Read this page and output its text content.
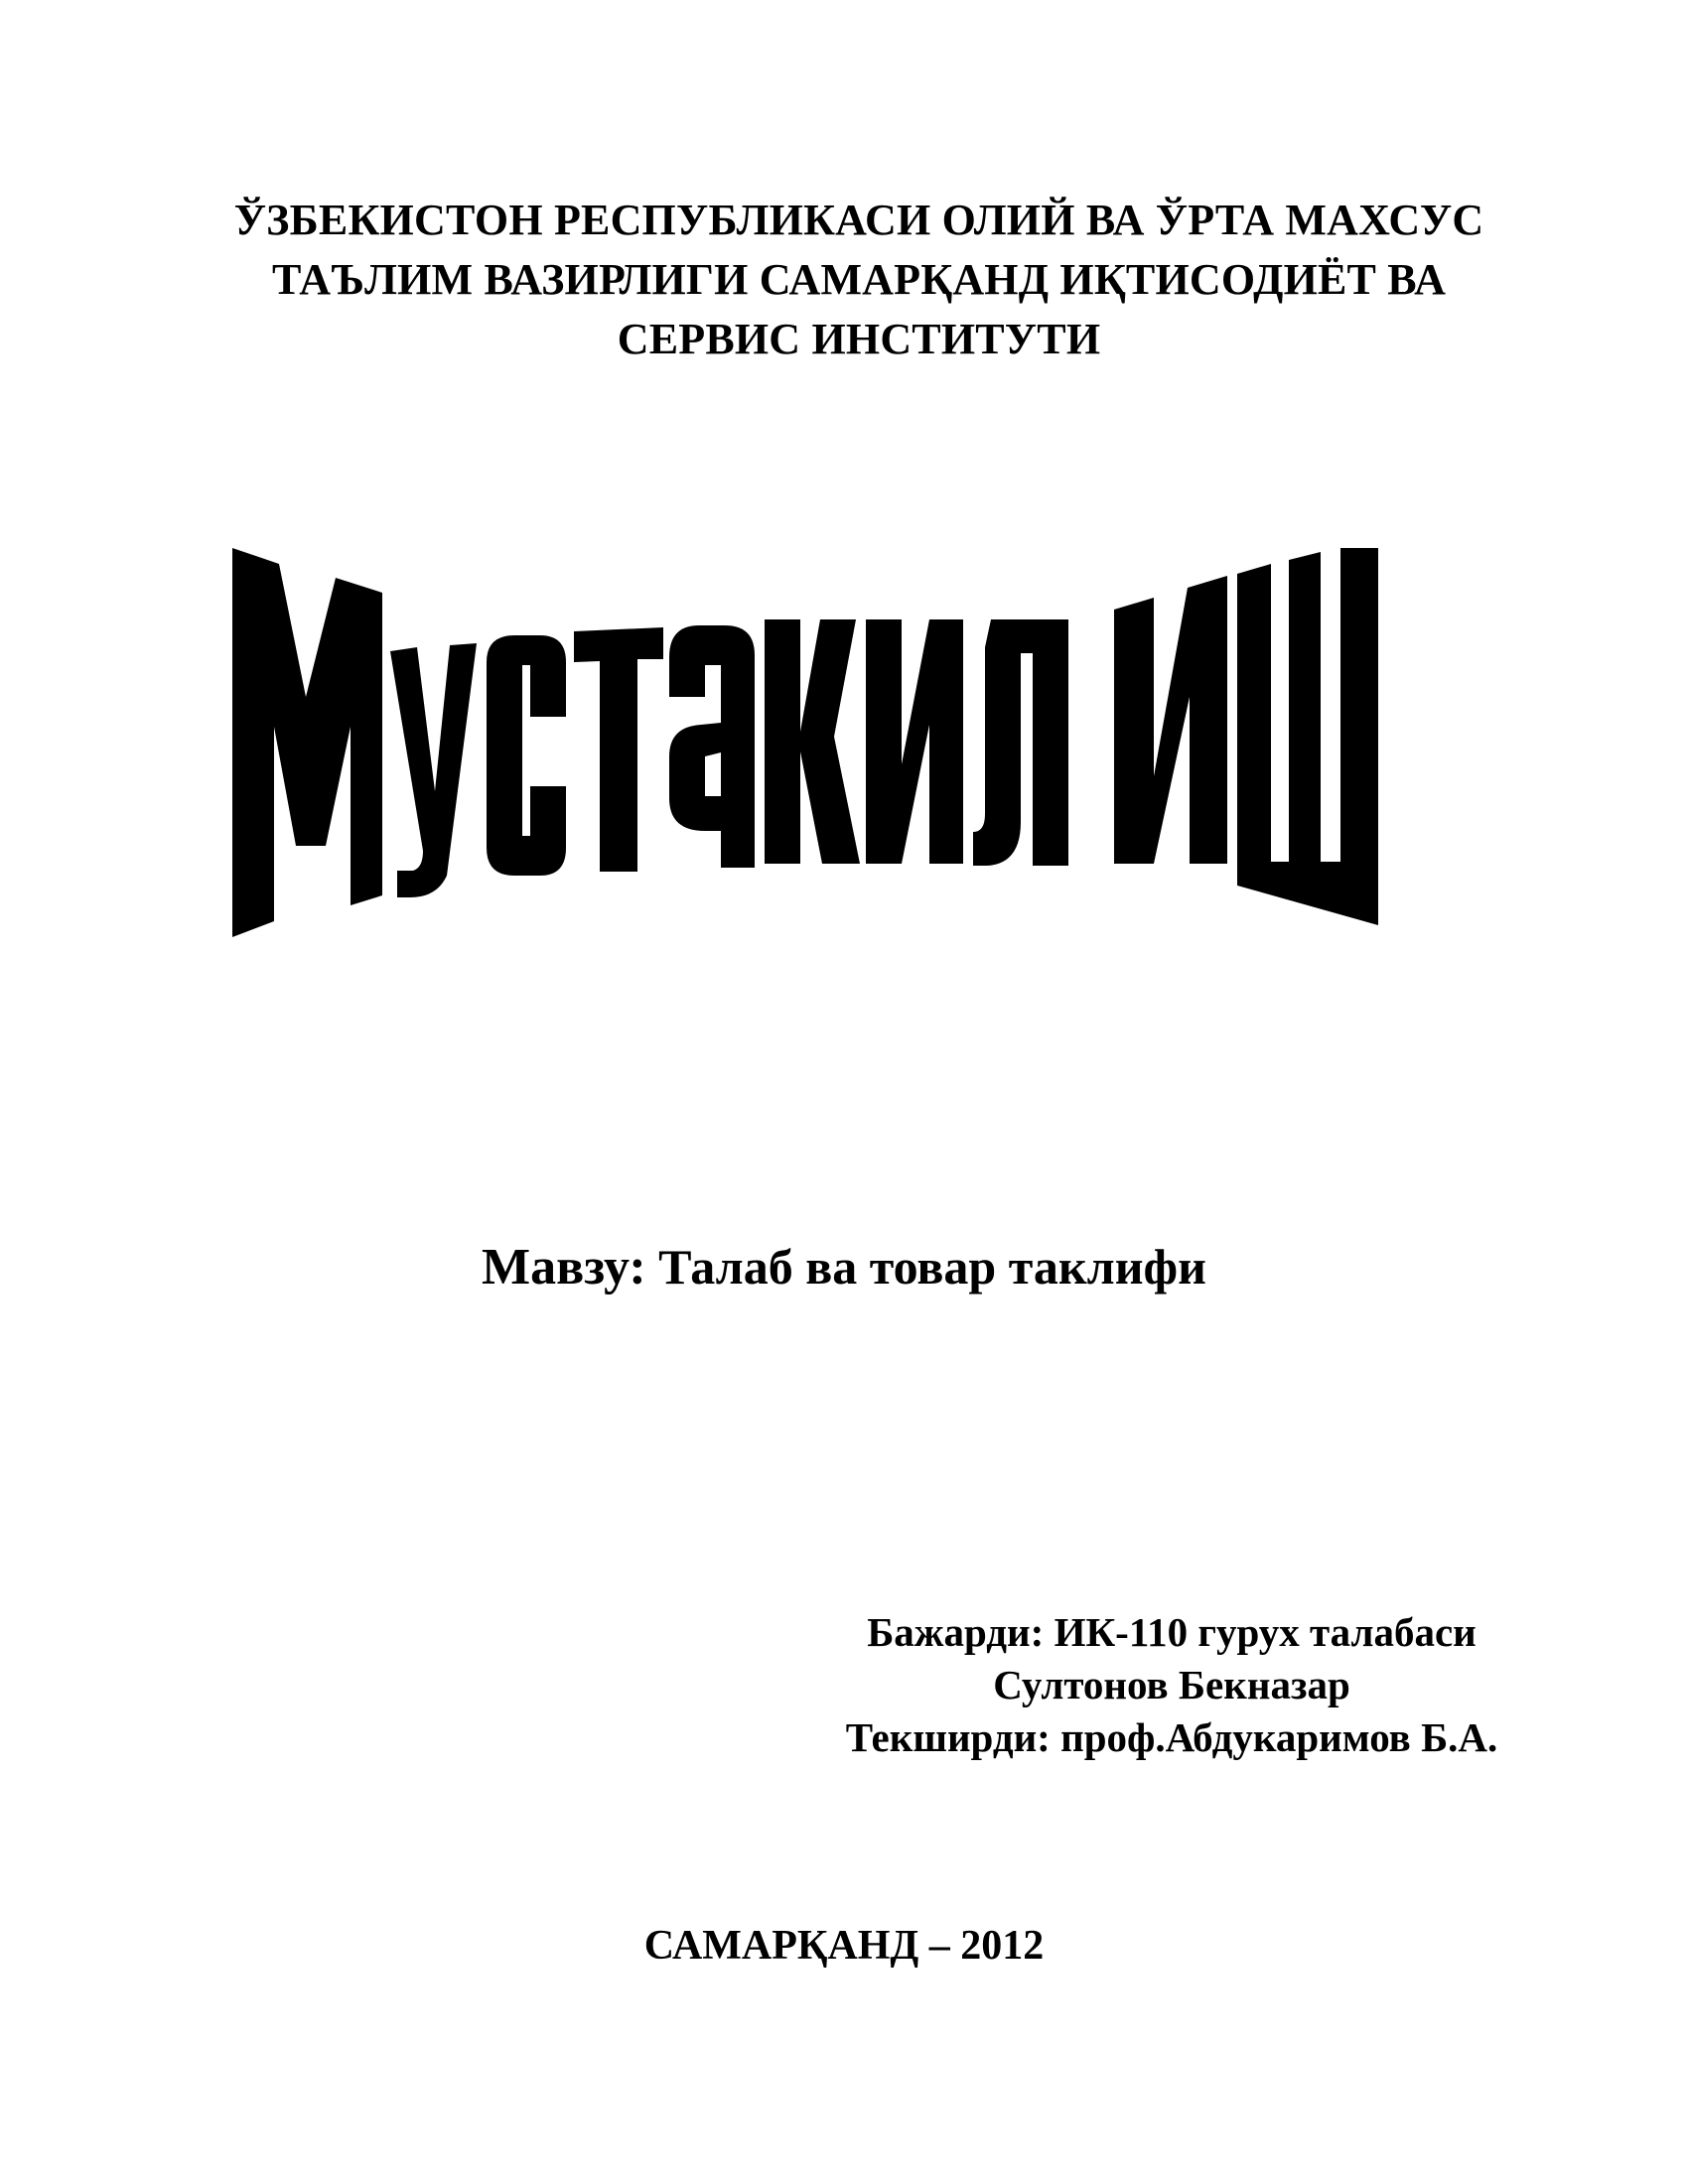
ЎЗБЕКИСТОН РЕСПУБЛИКАСИ ОЛИЙ ВА ЎРТА МАХСУС
ТАЪЛИМ ВАЗИРЛИГИ САМАРҚАНД ИҚТИСОДИЁТ ВА
СЕРВИС ИНСТИТУТИ
Мавзу: Талаб ва товар таклифи
Бажарди: ИК-110 гурух талабаси
Султонов Бекназар
Текширди: проф.Абдукаримов Б.А.
САМАРҚАНД – 2012
